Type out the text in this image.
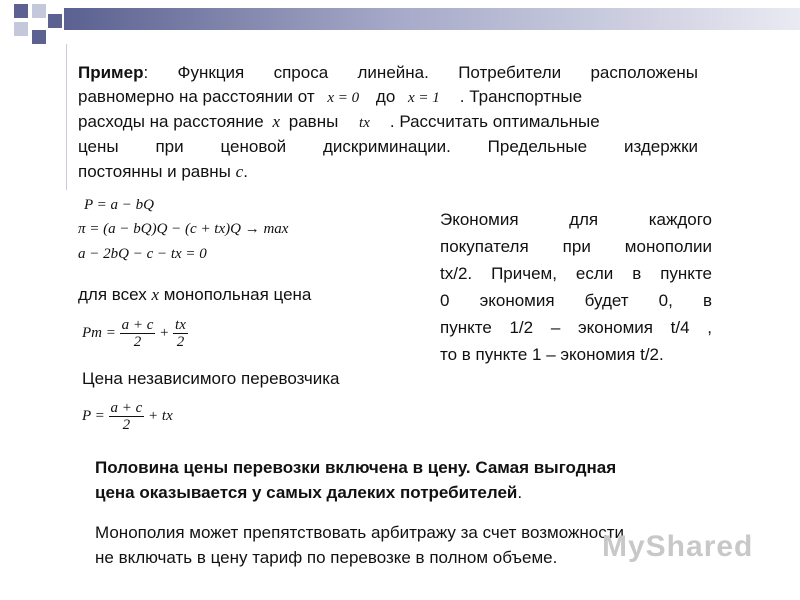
Пример: Функция спроса линейна. Потребители расположены
равномерно на расстоянии от x = 0 до x = 1 . Транспортные
расходы на расстояние x равны tx . Рассчитать оптимальные
цены при ценовой дискриминации. Предельные издержки
постоянны и равны c.
P = a − bQ
π = (a − bQ)Q − (c + tx)Q → max
a − 2bQ − c − tx = 0
для всех x монопольная цена
$Pm = \frac{a + c}{2} + \frac{tx}{2}$
Цена независимого перевозчика
$P = \frac{a + c}{2}$ + tx
Экономия для каждого
покупателя при монополии
tx/2. Причем, если в пункте
0 экономия будет 0, в
пункте 1/2 – экономия t/4 ,
то в пункте 1 – экономия t/2.
Половина цены перевозки включена в цену. Самая выгодная
цена оказывается у самых далеких потребителей.
Монополия может препятствовать арбитражу за счет возможности
не включать в цену тариф по перевозке в полном объеме.	MyShared
